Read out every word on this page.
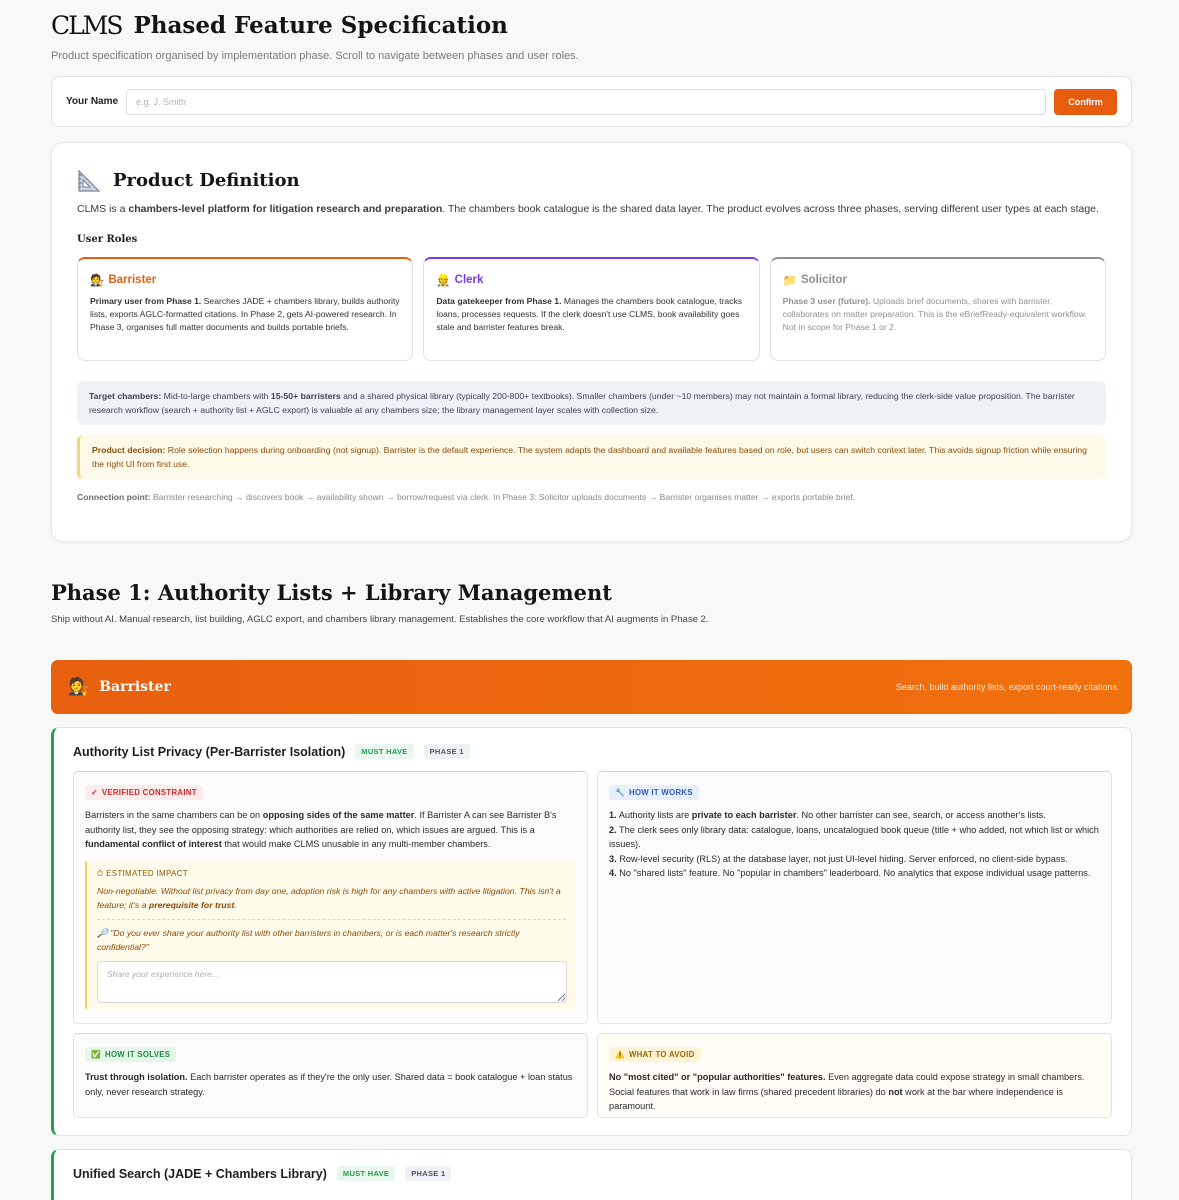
CLMS Phased Feature Specification

Product specification organised by implementation phase. Scroll to navigate between phases and user roles.

Your Name
e.g. J. Smith	Confirm
Product Definition

CLMS is a chambers-level platform for litigation research and preparation. The chambers book catalogue is the shared data layer. The product evolves across three phases, serving different user types at each stage.

User Roles
🧑‍⚖️ Barrister

Primary user from Phase 1. Searches JADE + chambers library, builds authority lists, exports AGLC-formatted citations. In Phase 2, gets AI-powered research. In Phase 3, organises full matter documents and builds portable briefs.

👷 Clerk

Data gatekeeper from Phase 1. Manages the chambers book catalogue, tracks loans, processes requests. If the clerk doesn't use CLMS, book availability goes stale and barrister features break.

📁 Solicitor

Phase 3 user (future). Uploads brief documents, shares with barrister, collaborates on matter preparation. This is the eBriefReady-equivalent workflow. Not in scope for Phase 1 or 2.

Target chambers: Mid-to-large chambers with 15-50+ barristers and a shared physical library (typically 200-800+ textbooks). Smaller chambers (under ~10 members) may not maintain a formal library, reducing the clerk-side value proposition. The barrister research workflow (search + authority list + AGLC export) is valuable at any chambers size; the library management layer scales with collection size.
Product decision: Role selection happens during onboarding (not signup). Barrister is the default experience. The system adapts the dashboard and available features based on role, but users can switch context later. This avoids signup friction while ensuring the right UI from first use.

Connection point: Barrister researching → discovers book → availability shown → borrow/request via clerk. In Phase 3: Solicitor uploads documents → Barrister organises matter → exports portable brief.

Phase 1: Authority Lists + Library Management

Ship without AI. Manual research, list building, AGLC export, and chambers library management. Establishes the core workflow that AI augments in Phase 2.

🧑‍⚖️ Barrister	Search, build authority lists, export court-ready citations
Authority List Privacy (Per-Barrister Isolation)	MUST HAVE	PHASE 1
✓ VERIFIED CONSTRAINT

Barristers in the same chambers can be on opposing sides of the same matter. If Barrister A can see Barrister B's authority list, they see the opposing strategy: which authorities are relied on, which issues are argued. This is a fundamental conflict of interest that would make CLMS unusable in any multi-member chambers.

⏱ ESTIMATED IMPACT

Non-negotiable. Without list privacy from day one, adoption risk is high for any chambers with active litigation. This isn't a feature; it's a prerequisite for trust.

🔎 "Do you ever share your authority list with other barristers in chambers, or is each matter's research strictly confidential?"

Share your experience here...
🔧 HOW IT WORKS
1. Authority lists are private to each barrister. No other barrister can see, search, or access another's lists.
2. The clerk sees only library data: catalogue, loans, uncatalogued book queue (title + who added, not which list or which issues).
3. Row-level security (RLS) at the database layer, not just UI-level hiding. Server enforced, no client-side bypass.
4. No "shared lists" feature. No "popular in chambers" leaderboard. No analytics that expose individual usage patterns.
✅ HOW IT SOLVES

Trust through isolation. Each barrister operates as if they're the only user. Shared data = book catalogue + loan status only, never research strategy.

⚠️ WHAT TO AVOID

No "most cited" or "popular authorities" features. Even aggregate data could expose strategy in small chambers. Social features that work in law firms (shared precedent libraries) do not work at the bar where independence is paramount.

Unified Search (JADE + Chambers Library)	MUST HAVE	PHASE 1
